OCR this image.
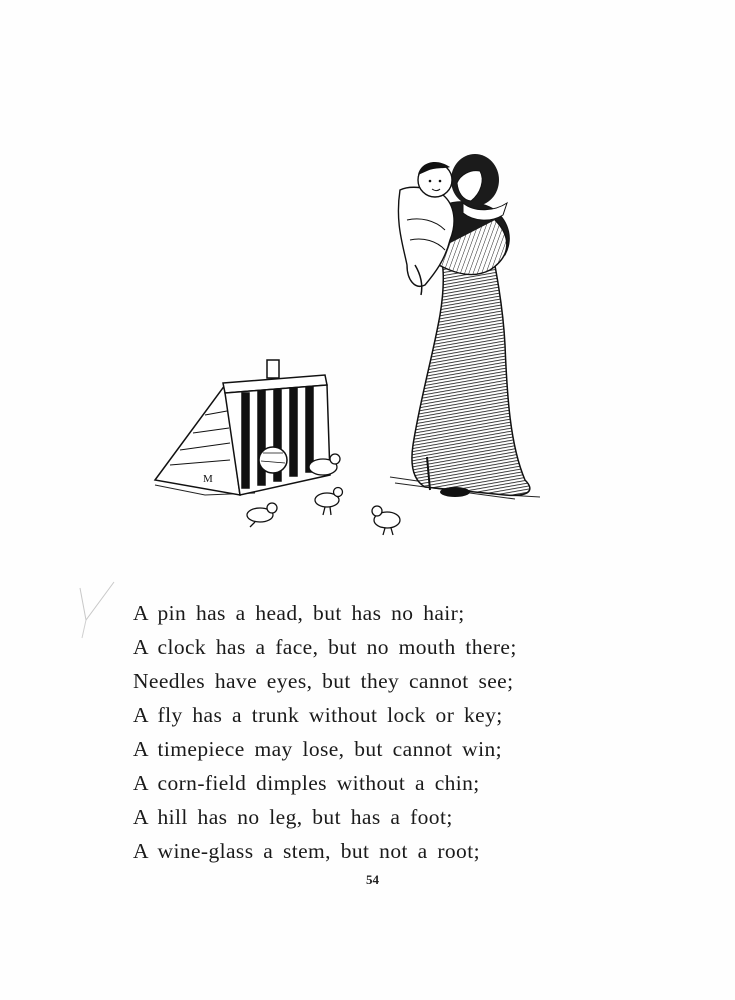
M
A pin has a head, but has no hair;
A clock has a face, but no mouth there;
Needles have eyes, but they cannot see;
A fly has a trunk without lock or key;
A timepiece may lose, but cannot win;
A corn-field dimples without a chin;
A hill has no leg, but has a foot;
A wine-glass a stem, but not a root;
54
